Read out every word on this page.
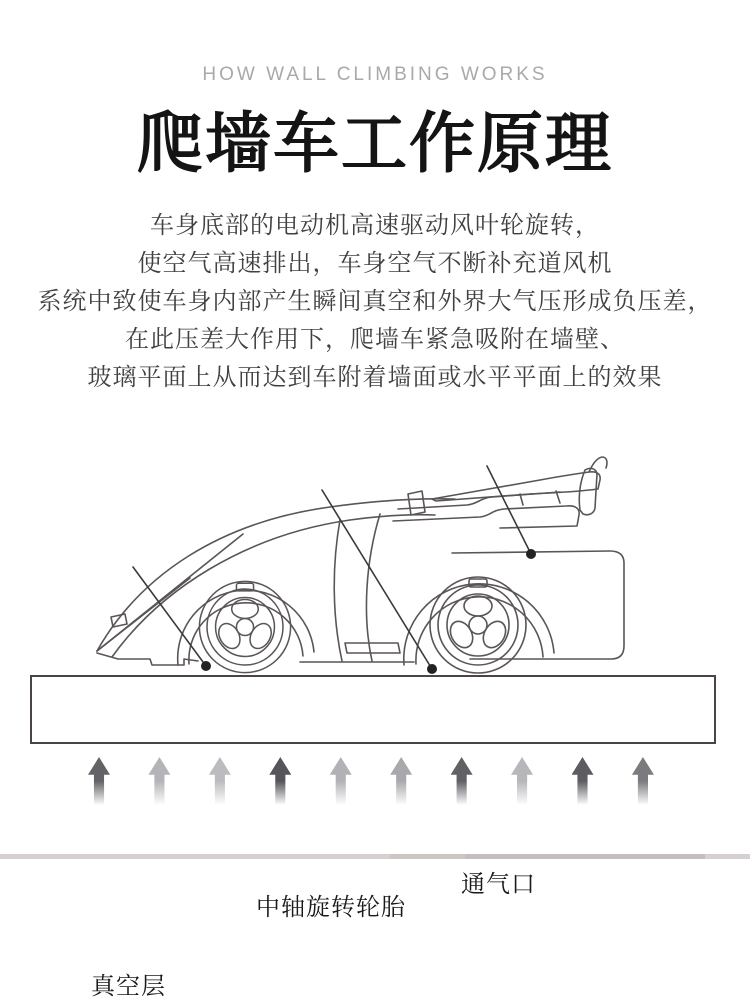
HOW WALL CLIMBING WORKS
爬墙车工作原理
车身底部的电动机高速驱动风叶轮旋转，
使空气高速排出，车身空气不断补充道风机
系统中致使车身内部产生瞬间真空和外界大气压形成负压差，
在此压差大作用下，爬墙车紧急吸附在墙壁、
玻璃平面上从而达到车附着墙面或水平平面上的效果
通气口
中轴旋转轮胎
真空层
